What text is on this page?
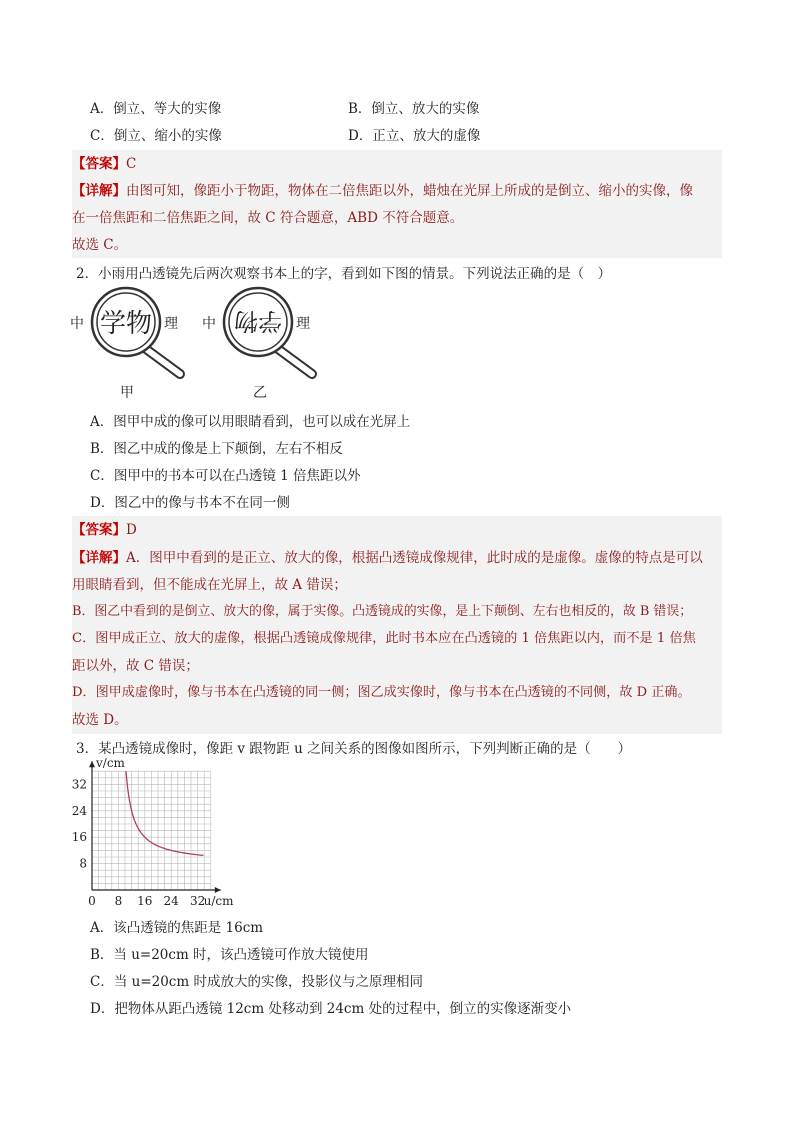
A．倒立、等大的实像	B．倒立、放大的实像
C．倒立、缩小的实像	D．正立、放大的虚像
【答案】C
【详解】由图可知，像距小于物距，物体在二倍焦距以外，蜡烛在光屏上所成的是倒立、缩小的实像，像
在一倍焦距和二倍焦距之间，故 C 符合题意，ABD 不符合题意。
故选 C。
2．小雨用凸透镜先后两次观察书本上的字，看到如下图的情景。下列说法正确的是（　）
中 学物 理
甲
中 学物 理
乙
A．图甲中成的像可以用眼睛看到，也可以成在光屏上
B．图乙中成的像是上下颠倒，左右不相反
C．图甲中的书本可以在凸透镜 1 倍焦距以外
D．图乙中的像与书本不在同一侧
【答案】D
【详解】A．图甲中看到的是正立、放大的像，根据凸透镜成像规律，此时成的是虚像。虚像的特点是可以
用眼睛看到，但不能成在光屏上，故 A 错误；
B．图乙中看到的是倒立、放大的像，属于实像。凸透镜成的实像，是上下颠倒、左右也相反的，故 B 错误；
C．图甲成正立、放大的虚像，根据凸透镜成像规律，此时书本应在凸透镜的 1 倍焦距以内，而不是 1 倍焦
距以外，故 C 错误；
D．图甲成虚像时，像与书本在凸透镜的同一侧；图乙成实像时，像与书本在凸透镜的不同侧，故 D 正确。
故选 D。
3．某凸透镜成像时，像距 v 跟物距 u 之间关系的图像如图所示，下列判断正确的是（　　）
0 8 16 24 32
8
16
24
32
v/cm
u/cm
A．该凸透镜的焦距是 16cm
B．当 u=20cm 时，该凸透镜可作放大镜使用
C．当 u=20cm 时成放大的实像，投影仪与之原理相同
D．把物体从距凸透镜 12cm 处移动到 24cm 处的过程中，倒立的实像逐渐变小
